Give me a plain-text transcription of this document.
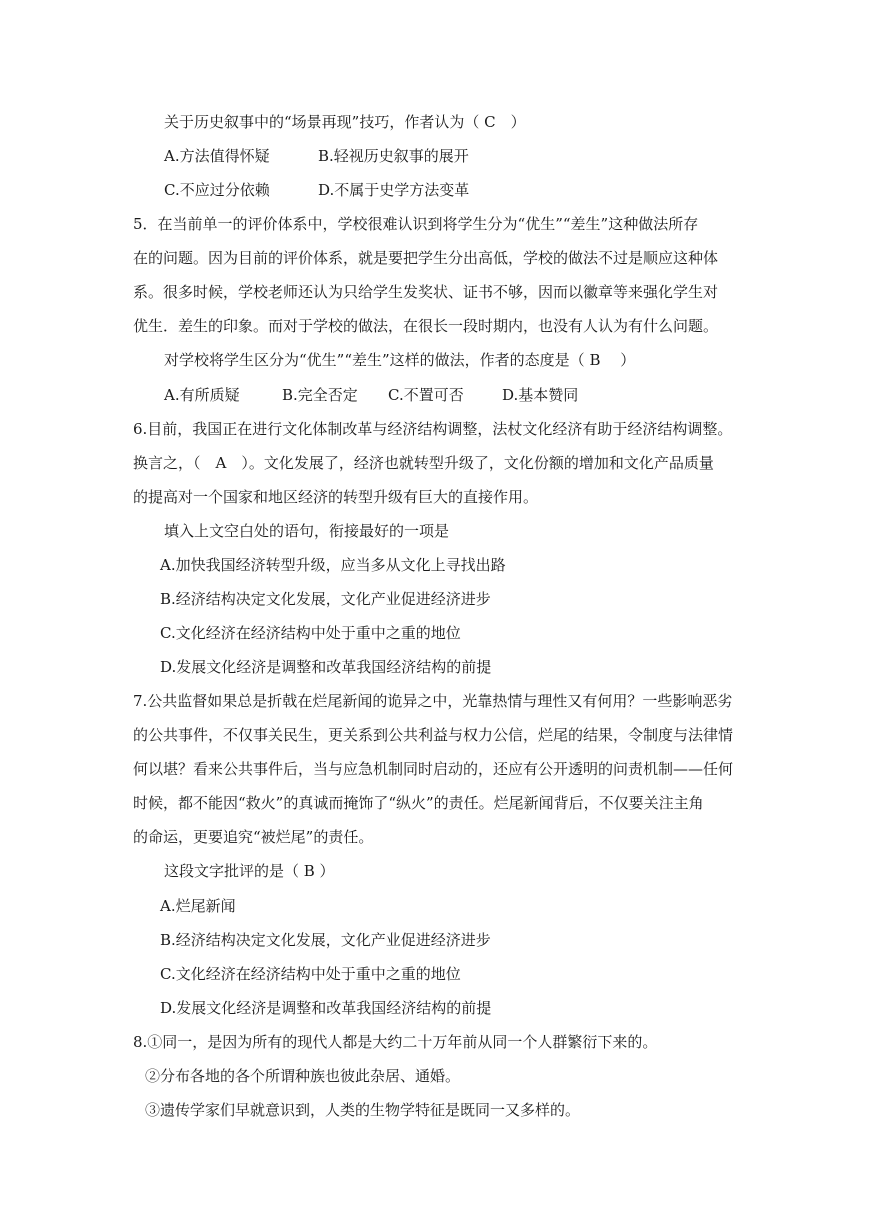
关于历史叙事中的“场景再现”技巧，作者认为（ C　）
A.方法值得怀疑	B.轻视历史叙事的展开
C.不应过分依赖	D.不属于史学方法变革
5．在当前单一的评价体系中，学校很难认识到将学生分为“优生”“差生”这种做法所存
在的问题。因为目前的评价体系，就是要把学生分出高低，学校的做法不过是顺应这种体
系。很多时候，学校老师还认为只给学生发奖状、证书不够，因而以徽章等来强化学生对
优生．差生的印象。而对于学校的做法，在很长一段时期内，也没有人认为有什么问题。
对学校将学生区分为“优生”“差生”这样的做法，作者的态度是（ B　 ）
A.有所质疑	B.完全否定 C.不置可否	D.基本赞同
6.目前，我国正在进行文化体制改革与经济结构调整，法杖文化经济有助于经济结构调整。
换言之，（　A　）。文化发展了，经济也就转型升级了，文化份额的增加和文化产品质量
的提高对一个国家和地区经济的转型升级有巨大的直接作用。
填入上文空白处的语句，衔接最好的一项是
A.加快我国经济转型升级，应当多从文化上寻找出路
B.经济结构决定文化发展，文化产业促进经济进步
C.文化经济在经济结构中处于重中之重的地位
D.发展文化经济是调整和改革我国经济结构的前提
7.公共监督如果总是折戟在烂尾新闻的诡异之中，光靠热情与理性又有何用？一些影响恶劣
的公共事件，不仅事关民生，更关系到公共利益与权力公信，烂尾的结果，令制度与法律情
何以堪？看来公共事件后，当与应急机制同时启动的，还应有公开透明的问责机制——任何
时候，都不能因“救火”的真诚而掩饰了“纵火”的责任。烂尾新闻背后，不仅要关注主角
的命运，更要追究“被烂尾”的责任。
这段文字批评的是（ B ）
A.烂尾新闻
B.经济结构决定文化发展，文化产业促进经济进步
C.文化经济在经济结构中处于重中之重的地位
D.发展文化经济是调整和改革我国经济结构的前提
8.①同一，是因为所有的现代人都是大约二十万年前从同一个人群繁衍下来的。
②分布各地的各个所谓种族也彼此杂居、通婚。
③遗传学家们早就意识到，人类的生物学特征是既同一又多样的。
